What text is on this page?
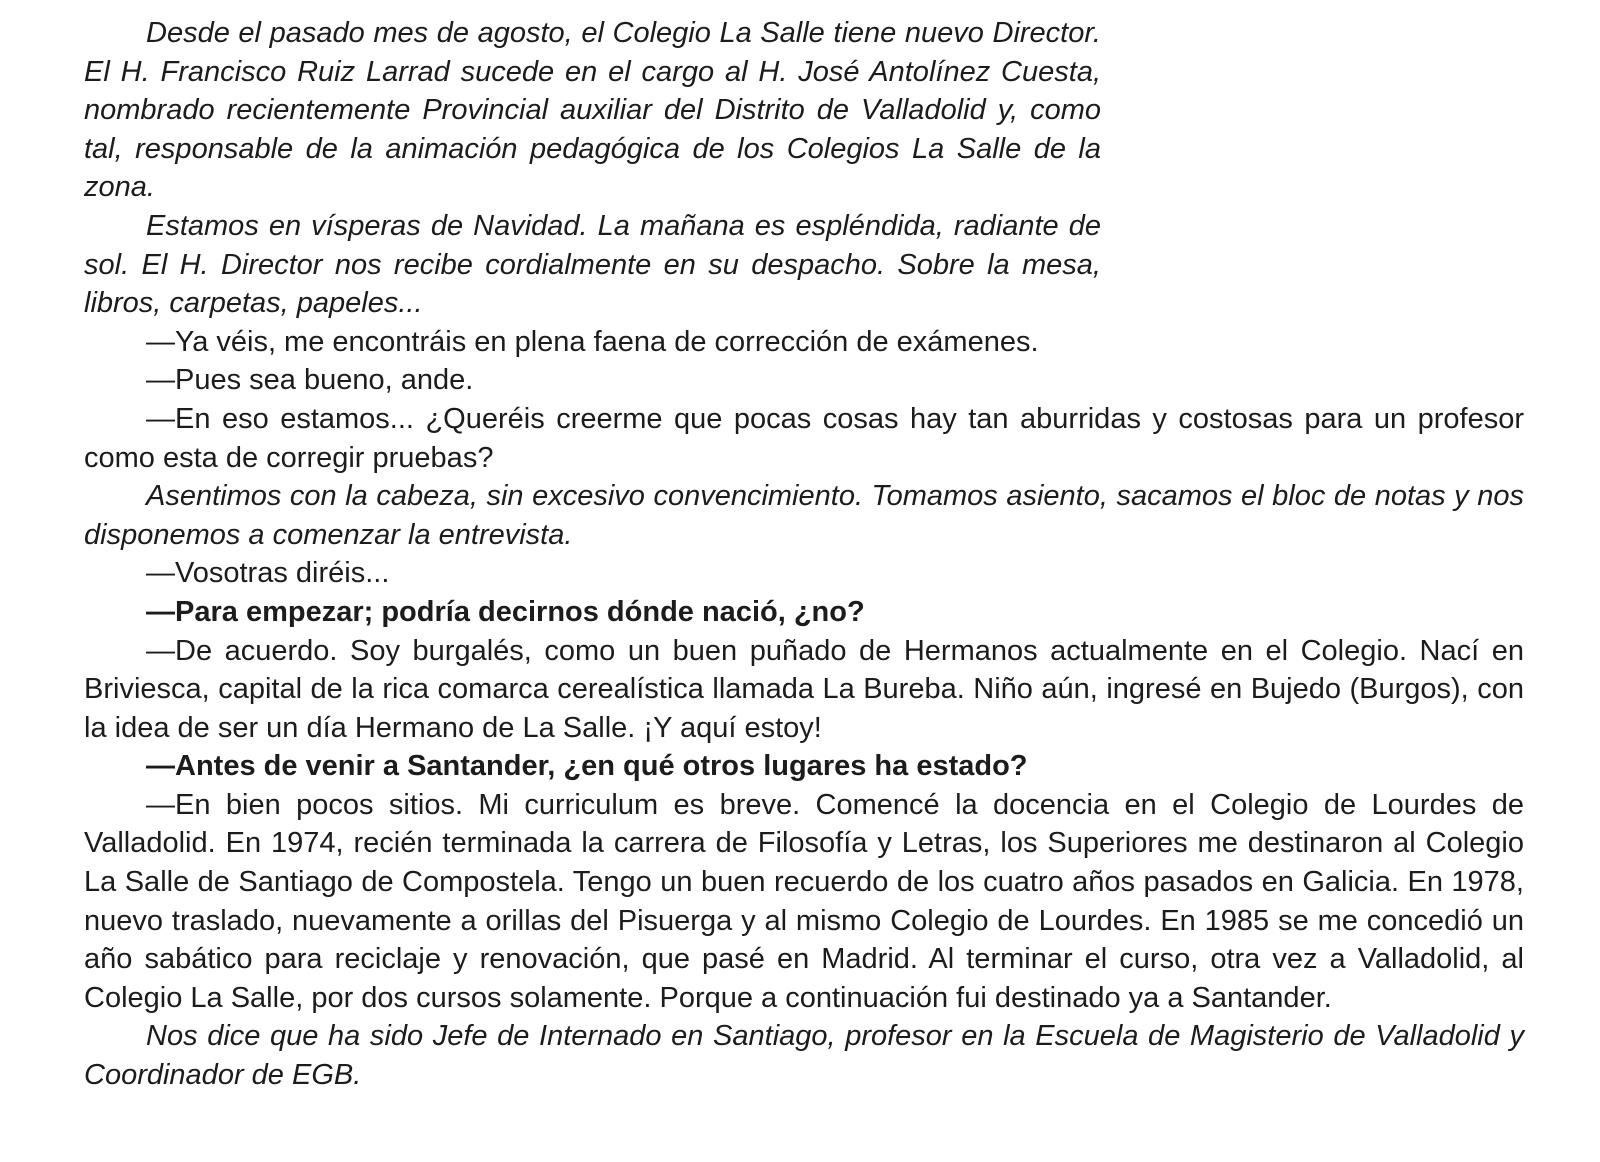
Desde el pasado mes de agosto, el Colegio La Salle tiene nuevo Director. El H. Francisco Ruiz Larrad sucede en el cargo al H. José Antolínez Cuesta, nombrado recientemente Provincial auxiliar del Distrito de Valladolid y, como tal, responsable de la animación pedagógica de los Colegios La Salle de la zona.

Estamos en vísperas de Navidad. La mañana es espléndida, radiante de sol. El H. Director nos recibe cordialmente en su despacho. Sobre la mesa, libros, carpetas, papeles...

—Ya véis, me encontráis en plena faena de corrección de exámenes.

—Pues sea bueno, ande.

—En eso estamos... ¿Queréis creerme que pocas cosas hay tan aburridas y costosas para un profesor como esta de corregir pruebas?

Asentimos con la cabeza, sin excesivo convencimiento. Tomamos asiento, sacamos el bloc de notas y nos disponemos a comenzar la entrevista.

—Vosotras diréis...

—Para empezar; podría decirnos dónde nació, ¿no?

—De acuerdo. Soy burgalés, como un buen puñado de Hermanos actualmente en el Colegio. Nací en Briviesca, capital de la rica comarca cerealística llamada La Bureba. Niño aún, ingresé en Bujedo (Burgos), con la idea de ser un día Hermano de La Salle. ¡Y aquí estoy!

—Antes de venir a Santander, ¿en qué otros lugares ha estado?

—En bien pocos sitios. Mi curriculum es breve. Comencé la docencia en el Colegio de Lourdes de Valladolid. En 1974, recién terminada la carrera de Filosofía y Letras, los Superiores me destinaron al Colegio La Salle de Santiago de Compostela. Tengo un buen recuerdo de los cuatro años pasados en Galicia. En 1978, nuevo traslado, nuevamente a orillas del Pisuerga y al mismo Colegio de Lourdes. En 1985 se me concedió un año sabático para reciclaje y renovación, que pasé en Madrid. Al terminar el curso, otra vez a Valladolid, al Colegio La Salle, por dos cursos solamente. Porque a continuación fui destinado ya a Santander.

Nos dice que ha sido Jefe de Internado en Santiago, profesor en la Escuela de Magisterio de Valladolid y Coordinador de EGB.
